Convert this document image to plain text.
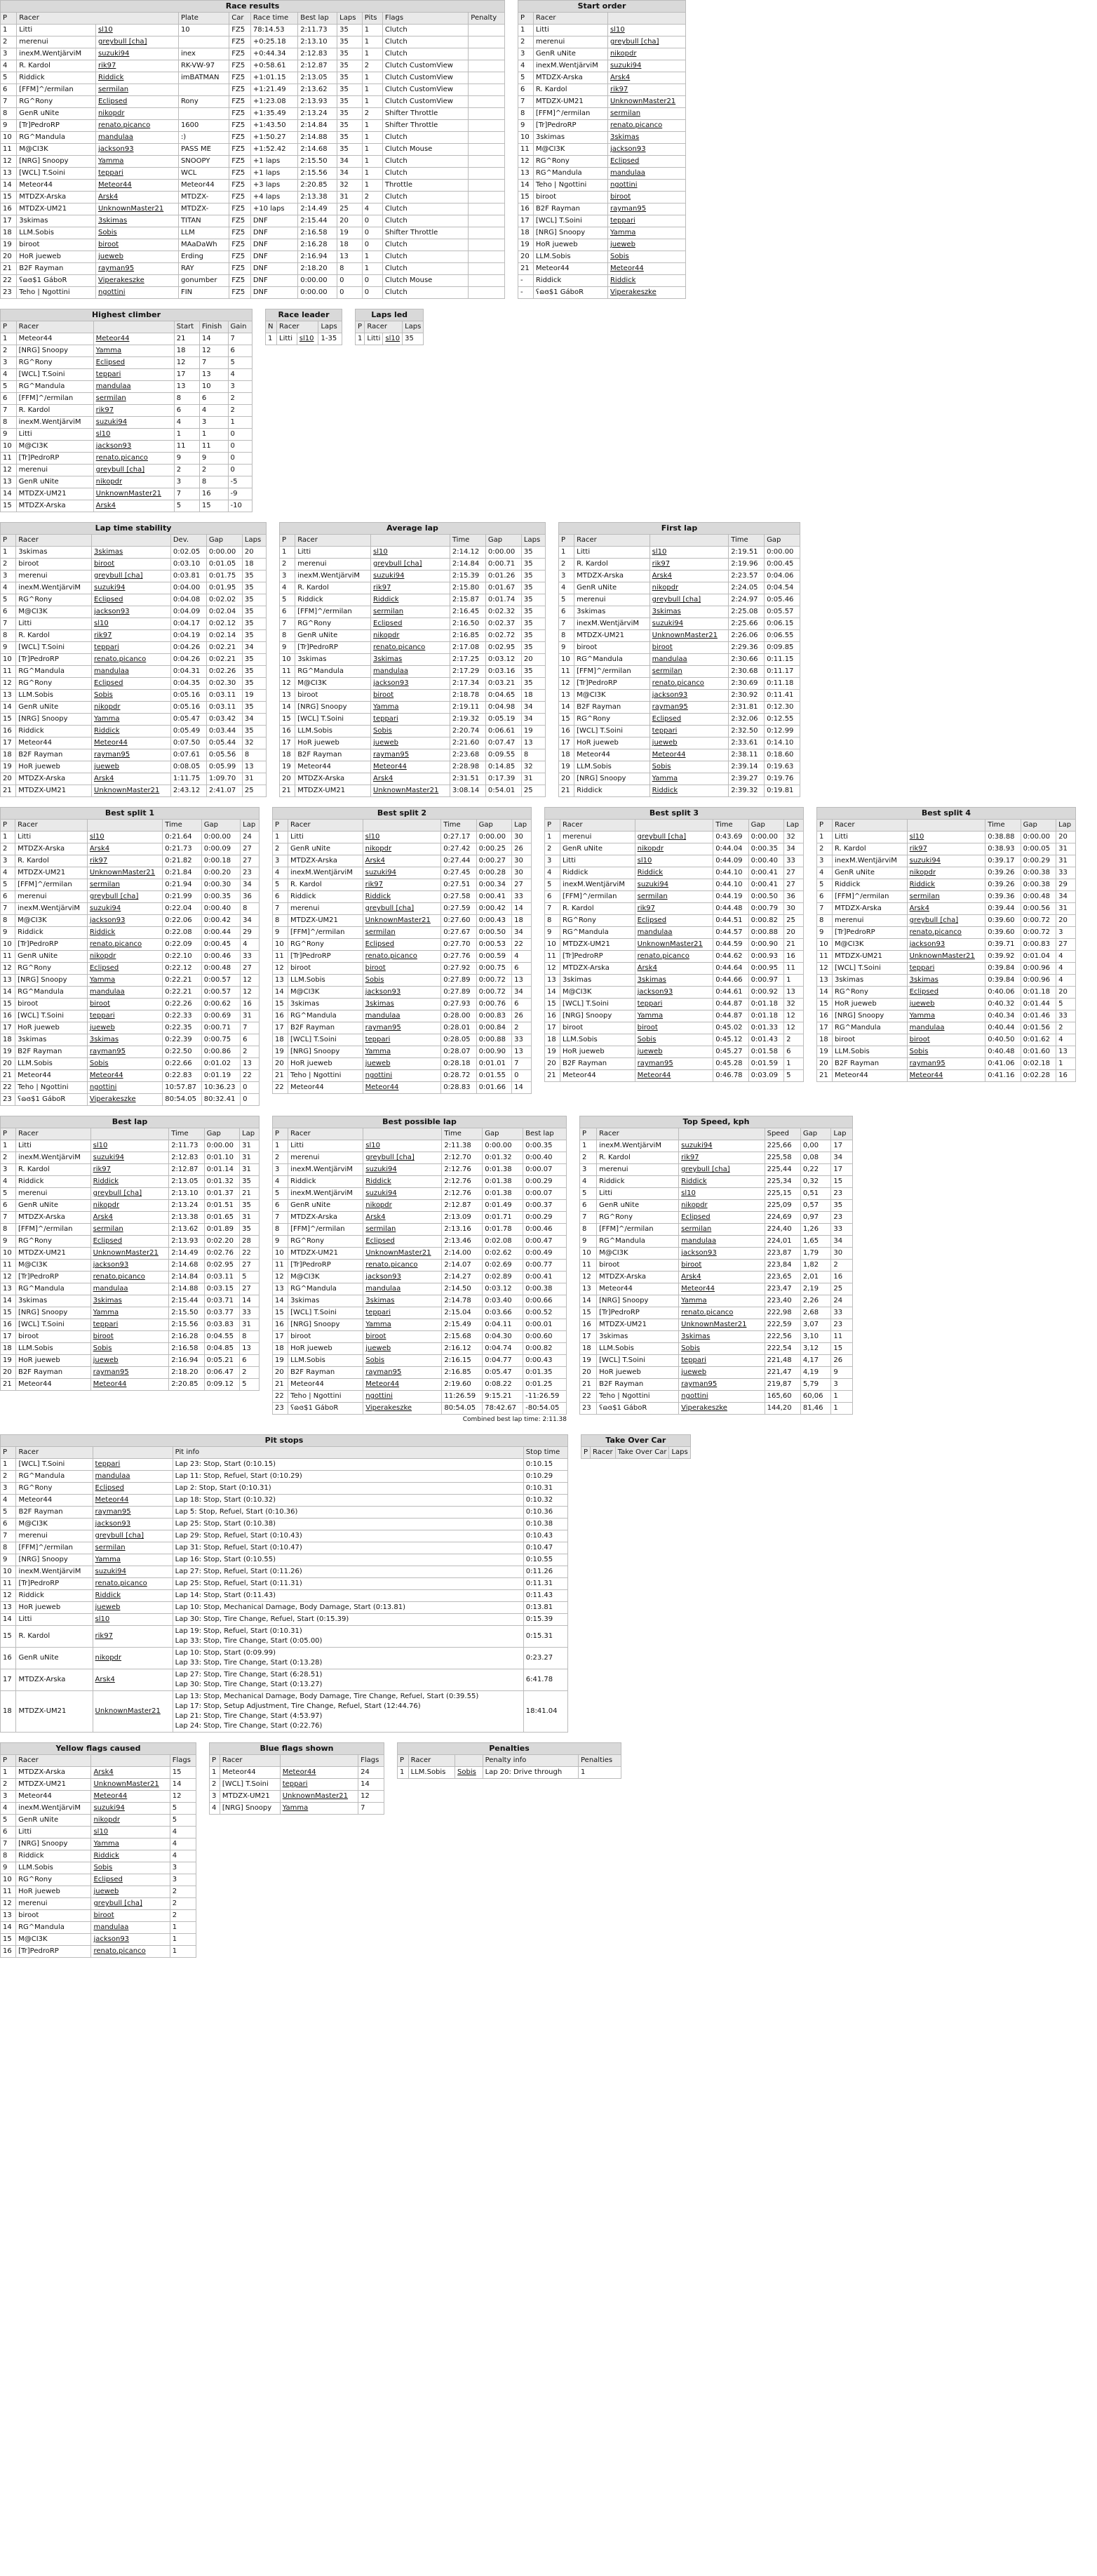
Race results										
P	Racer		Plate	Car	Race time	Best lap	Laps	Pits	Flags	Penalty
1	Litti	sl10	10	FZ5	78:14.53	2:11.73	35	1	Clutch	
2	merenui	greybull [cha]		FZ5	+0:25.18	2:13.10	35	1	Clutch	
3	inexM.WentjärviM	suzuki94	inex	FZ5	+0:44.34	2:12.83	35	1	Clutch	
4	R. Kardol	rik97	RK-VW-97	FZ5	+0:58.61	2:12.87	35	2	Clutch CustomView	
5	Riddick	Riddick	imBATMAN	FZ5	+1:01.15	2:13.05	35	1	Clutch CustomView	
6	[FFM]^/ermilan	sermilan		FZ5	+1:21.49	2:13.62	35	1	Clutch CustomView	
7	RG^Rony	Eclipsed	Rony	FZ5	+1:23.08	2:13.93	35	1	Clutch CustomView	
8	GenR uNite	nikopdr		FZ5	+1:35.49	2:13.24	35	2	Shifter Throttle	
9	[Tr]PedroRP	renato.picanco	1600	FZ5	+1:43.50	2:14.84	35	1	Shifter Throttle	
10	RG^Mandula	mandulaa	:)	FZ5	+1:50.27	2:14.88	35	1	Clutch	
11	M@CI3K	jackson93	PASS ME	FZ5	+1:52.42	2:14.68	35	1	Clutch Mouse	
12	[NRG] Snoopy	Yamma	SNOOPY	FZ5	+1 laps	2:15.50	34	1	Clutch	
13	[WCL] T.Soini	teppari	WCL	FZ5	+1 laps	2:15.56	34	1	Clutch	
14	Meteor44	Meteor44	Meteor44	FZ5	+3 laps	2:20.85	32	1	Throttle	
15	MTDZX-Arska	Arsk4	MTDZX-	FZ5	+4 laps	2:13.38	31	2	Clutch	
16	MTDZX-UM21	UnknownMaster21	MTDZX-	FZ5	+10 laps	2:14.49	25	4	Clutch	
17	3skimas	3skimas	TITAN	FZ5	DNF	2:15.44	20	0	Clutch	
18	LLM.Sobis	Sobis	LLM	FZ5	DNF	2:16.58	19	0	Shifter Throttle	
19	biroot	biroot	MAaDaWh	FZ5	DNF	2:16.28	18	0	Clutch	
20	HoR jueweb	jueweb	Erding	FZ5	DNF	2:16.94	13	1	Clutch	
21	B2F Rayman	rayman95	RAY	FZ5	DNF	2:18.20	8	1	Clutch	
22	ʕɷɞ$1 GáboR	Viperakeszke	gonumber	FZ5	DNF	0:00.00	0	0	Clutch Mouse	
23	Teho | Ngottini	ngottini	FIN	FZ5	DNF	0:00.00	0	0	Clutch	
Start order		
P	Racer	
1	Litti	sl10
2	merenui	greybull [cha]
3	GenR uNite	nikopdr
4	inexM.WentjärviM	suzuki94
5	MTDZX-Arska	Arsk4
6	R. Kardol	rik97
7	MTDZX-UM21	UnknownMaster21
8	[FFM]^/ermilan	sermilan
9	[Tr]PedroRP	renato.picanco
10	3skimas	3skimas
11	M@CI3K	jackson93
12	RG^Rony	Eclipsed
13	RG^Mandula	mandulaa
14	Teho | Ngottini	ngottini
15	biroot	biroot
16	B2F Rayman	rayman95
17	[WCL] T.Soini	teppari
18	[NRG] Snoopy	Yamma
19	HoR jueweb	jueweb
20	LLM.Sobis	Sobis
21	Meteor44	Meteor44
-	Riddick	Riddick
-	ʕɷɞ$1 GáboR	Viperakeszke
Highest climber					
P	Racer		Start	Finish	Gain
1	Meteor44	Meteor44	21	14	7
2	[NRG] Snoopy	Yamma	18	12	6
3	RG^Rony	Eclipsed	12	7	5
4	[WCL] T.Soini	teppari	17	13	4
5	RG^Mandula	mandulaa	13	10	3
6	[FFM]^/ermilan	sermilan	8	6	2
7	R. Kardol	rik97	6	4	2
8	inexM.WentjärviM	suzuki94	4	3	1
9	Litti	sl10	1	1	0
10	M@CI3K	jackson93	11	11	0
11	[Tr]PedroRP	renato.picanco	9	9	0
12	merenui	greybull [cha]	2	2	0
13	GenR uNite	nikopdr	3	8	-5
14	MTDZX-UM21	UnknownMaster21	7	16	-9
15	MTDZX-Arska	Arsk4	5	15	-10
Race leader			
N	Racer		Laps
1	Litti	sl10	1-35
Laps led			
P	Racer		Laps
1	Litti	sl10	35
Lap time stability					
P	Racer		Dev.	Gap	Laps
1	3skimas	3skimas	0:02.05	0:00.00	20
2	biroot	biroot	0:03.10	0:01.05	18
3	merenui	greybull [cha]	0:03.81	0:01.75	35
4	inexM.WentjärviM	suzuki94	0:04.00	0:01.95	35
5	RG^Rony	Eclipsed	0:04.08	0:02.02	35
6	M@CI3K	jackson93	0:04.09	0:02.04	35
7	Litti	sl10	0:04.17	0:02.12	35
8	R. Kardol	rik97	0:04.19	0:02.14	35
9	[WCL] T.Soini	teppari	0:04.26	0:02.21	34
10	[Tr]PedroRP	renato.picanco	0:04.26	0:02.21	35
11	RG^Mandula	mandulaa	0:04.31	0:02.26	35
12	RG^Rony	Eclipsed	0:04.35	0:02.30	35
13	LLM.Sobis	Sobis	0:05.16	0:03.11	19
14	GenR uNite	nikopdr	0:05.16	0:03.11	35
15	[NRG] Snoopy	Yamma	0:05.47	0:03.42	34
16	Riddick	Riddick	0:05.49	0:03.44	35
17	Meteor44	Meteor44	0:07.50	0:05.44	32
18	B2F Rayman	rayman95	0:07.61	0:05.56	8
19	HoR jueweb	jueweb	0:08.05	0:05.99	13
20	MTDZX-Arska	Arsk4	1:11.75	1:09.70	31
21	MTDZX-UM21	UnknownMaster21	2:43.12	2:41.07	25
Average lap					
P	Racer		Time	Gap	Laps
1	Litti	sl10	2:14.12	0:00.00	35
2	merenui	greybull [cha]	2:14.84	0:00.71	35
3	inexM.WentjärviM	suzuki94	2:15.39	0:01.26	35
4	R. Kardol	rik97	2:15.80	0:01.67	35
5	Riddick	Riddick	2:15.87	0:01.74	35
6	[FFM]^/ermilan	sermilan	2:16.45	0:02.32	35
7	RG^Rony	Eclipsed	2:16.50	0:02.37	35
8	GenR uNite	nikopdr	2:16.85	0:02.72	35
9	[Tr]PedroRP	renato.picanco	2:17.08	0:02.95	35
10	3skimas	3skimas	2:17.25	0:03.12	20
11	RG^Mandula	mandulaa	2:17.29	0:03.16	35
12	M@CI3K	jackson93	2:17.34	0:03.21	35
13	biroot	biroot	2:18.78	0:04.65	18
14	[NRG] Snoopy	Yamma	2:19.11	0:04.98	34
15	[WCL] T.Soini	teppari	2:19.32	0:05.19	34
16	LLM.Sobis	Sobis	2:20.74	0:06.61	19
17	HoR jueweb	jueweb	2:21.60	0:07.47	13
18	B2F Rayman	rayman95	2:23.68	0:09.55	8
19	Meteor44	Meteor44	2:28.98	0:14.85	32
20	MTDZX-Arska	Arsk4	2:31.51	0:17.39	31
21	MTDZX-UM21	UnknownMaster21	3:08.14	0:54.01	25
First lap				
P	Racer		Time	Gap
1	Litti	sl10	2:19.51	0:00.00
2	R. Kardol	rik97	2:19.96	0:00.45
3	MTDZX-Arska	Arsk4	2:23.57	0:04.06
4	GenR uNite	nikopdr	2:24.05	0:04.54
5	merenui	greybull [cha]	2:24.97	0:05.46
6	3skimas	3skimas	2:25.08	0:05.57
7	inexM.WentjärviM	suzuki94	2:25.66	0:06.15
8	MTDZX-UM21	UnknownMaster21	2:26.06	0:06.55
9	biroot	biroot	2:29.36	0:09.85
10	RG^Mandula	mandulaa	2:30.66	0:11.15
11	[FFM]^/ermilan	sermilan	2:30.68	0:11.17
12	[Tr]PedroRP	renato.picanco	2:30.69	0:11.18
13	M@CI3K	jackson93	2:30.92	0:11.41
14	B2F Rayman	rayman95	2:31.81	0:12.30
15	RG^Rony	Eclipsed	2:32.06	0:12.55
16	[WCL] T.Soini	teppari	2:32.50	0:12.99
17	HoR jueweb	jueweb	2:33.61	0:14.10
18	Meteor44	Meteor44	2:38.11	0:18.60
19	LLM.Sobis	Sobis	2:39.14	0:19.63
20	[NRG] Snoopy	Yamma	2:39.27	0:19.76
21	Riddick	Riddick	2:39.32	0:19.81
Best split 1					
P	Racer		Time	Gap	Lap
1	Litti	sl10	0:21.64	0:00.00	24
2	MTDZX-Arska	Arsk4	0:21.73	0:00.09	27
3	R. Kardol	rik97	0:21.82	0:00.18	27
4	MTDZX-UM21	UnknownMaster21	0:21.84	0:00.20	23
5	[FFM]^/ermilan	sermilan	0:21.94	0:00.30	34
6	merenui	greybull [cha]	0:21.99	0:00.35	36
7	inexM.WentjärviM	suzuki94	0:22.04	0:00.40	8
8	M@CI3K	jackson93	0:22.06	0:00.42	34
9	Riddick	Riddick	0:22.08	0:00.44	29
10	[Tr]PedroRP	renato.picanco	0:22.09	0:00.45	4
11	GenR uNite	nikopdr	0:22.10	0:00.46	33
12	RG^Rony	Eclipsed	0:22.12	0:00.48	27
13	[NRG] Snoopy	Yamma	0:22.21	0:00.57	12
14	RG^Mandula	mandulaa	0:22.21	0:00.57	12
15	biroot	biroot	0:22.26	0:00.62	16
16	[WCL] T.Soini	teppari	0:22.33	0:00.69	31
17	HoR jueweb	jueweb	0:22.35	0:00.71	7
18	3skimas	3skimas	0:22.39	0:00.75	6
19	B2F Rayman	rayman95	0:22.50	0:00.86	2
20	LLM.Sobis	Sobis	0:22.66	0:01.02	13
21	Meteor44	Meteor44	0:22.83	0:01.19	22
22	Teho | Ngottini	ngottini	10:57.87	10:36.23	0
23	ʕɷɞ$1 GáboR	Viperakeszke	80:54.05	80:32.41	0
Best split 2					
P	Racer		Time	Gap	Lap
1	Litti	sl10	0:27.17	0:00.00	30
2	GenR uNite	nikopdr	0:27.42	0:00.25	26
3	MTDZX-Arska	Arsk4	0:27.44	0:00.27	30
4	inexM.WentjärviM	suzuki94	0:27.45	0:00.28	30
5	R. Kardol	rik97	0:27.51	0:00.34	27
6	Riddick	Riddick	0:27.58	0:00.41	33
7	merenui	greybull [cha]	0:27.59	0:00.42	14
8	MTDZX-UM21	UnknownMaster21	0:27.60	0:00.43	18
9	[FFM]^/ermilan	sermilan	0:27.67	0:00.50	34
10	RG^Rony	Eclipsed	0:27.70	0:00.53	22
11	[Tr]PedroRP	renato.picanco	0:27.76	0:00.59	4
12	biroot	biroot	0:27.92	0:00.75	6
13	LLM.Sobis	Sobis	0:27.89	0:00.72	13
14	M@CI3K	jackson93	0:27.89	0:00.72	34
15	3skimas	3skimas	0:27.93	0:00.76	6
16	RG^Mandula	mandulaa	0:28.00	0:00.83	26
17	B2F Rayman	rayman95	0:28.01	0:00.84	2
18	[WCL] T.Soini	teppari	0:28.05	0:00.88	33
19	[NRG] Snoopy	Yamma	0:28.07	0:00.90	13
20	HoR jueweb	jueweb	0:28.18	0:01.01	7
21	Teho | Ngottini	ngottini	0:28.72	0:01.55	0
22	Meteor44	Meteor44	0:28.83	0:01.66	14
Best split 3					
P	Racer		Time	Gap	Lap
1	merenui	greybull [cha]	0:43.69	0:00.00	32
2	GenR uNite	nikopdr	0:44.04	0:00.35	34
3	Litti	sl10	0:44.09	0:00.40	33
4	Riddick	Riddick	0:44.10	0:00.41	27
5	inexM.WentjärviM	suzuki94	0:44.10	0:00.41	27
6	[FFM]^/ermilan	sermilan	0:44.19	0:00.50	36
7	R. Kardol	rik97	0:44.48	0:00.79	30
8	RG^Rony	Eclipsed	0:44.51	0:00.82	25
9	RG^Mandula	mandulaa	0:44.57	0:00.88	20
10	MTDZX-UM21	UnknownMaster21	0:44.59	0:00.90	21
11	[Tr]PedroRP	renato.picanco	0:44.62	0:00.93	16
12	MTDZX-Arska	Arsk4	0:44.64	0:00.95	11
13	3skimas	3skimas	0:44.66	0:00.97	1
14	M@CI3K	jackson93	0:44.61	0:00.92	13
15	[WCL] T.Soini	teppari	0:44.87	0:01.18	32
16	[NRG] Snoopy	Yamma	0:44.87	0:01.18	12
17	biroot	biroot	0:45.02	0:01.33	12
18	LLM.Sobis	Sobis	0:45.12	0:01.43	2
19	HoR jueweb	jueweb	0:45.27	0:01.58	6
20	B2F Rayman	rayman95	0:45.28	0:01.59	1
21	Meteor44	Meteor44	0:46.78	0:03.09	5
Best split 4					
P	Racer		Time	Gap	Lap
1	Litti	sl10	0:38.88	0:00.00	20
2	R. Kardol	rik97	0:38.93	0:00.05	31
3	inexM.WentjärviM	suzuki94	0:39.17	0:00.29	31
4	GenR uNite	nikopdr	0:39.26	0:00.38	33
5	Riddick	Riddick	0:39.26	0:00.38	29
6	[FFM]^/ermilan	sermilan	0:39.36	0:00.48	34
7	MTDZX-Arska	Arsk4	0:39.44	0:00.56	31
8	merenui	greybull [cha]	0:39.60	0:00.72	20
9	[Tr]PedroRP	renato.picanco	0:39.60	0:00.72	3
10	M@CI3K	jackson93	0:39.71	0:00.83	27
11	MTDZX-UM21	UnknownMaster21	0:39.92	0:01.04	4
12	[WCL] T.Soini	teppari	0:39.84	0:00.96	4
13	3skimas	3skimas	0:39.84	0:00.96	4
14	RG^Rony	Eclipsed	0:40.06	0:01.18	20
15	HoR jueweb	jueweb	0:40.32	0:01.44	5
16	[NRG] Snoopy	Yamma	0:40.34	0:01.46	33
17	RG^Mandula	mandulaa	0:40.44	0:01.56	2
18	biroot	biroot	0:40.50	0:01.62	4
19	LLM.Sobis	Sobis	0:40.48	0:01.60	13
20	B2F Rayman	rayman95	0:41.06	0:02.18	1
21	Meteor44	Meteor44	0:41.16	0:02.28	16
Best lap					
P	Racer		Time	Gap	Lap
1	Litti	sl10	2:11.73	0:00.00	31
2	inexM.WentjärviM	suzuki94	2:12.83	0:01.10	31
3	R. Kardol	rik97	2:12.87	0:01.14	31
4	Riddick	Riddick	2:13.05	0:01.32	35
5	merenui	greybull [cha]	2:13.10	0:01.37	21
6	GenR uNite	nikopdr	2:13.24	0:01.51	35
7	MTDZX-Arska	Arsk4	2:13.38	0:01.65	31
8	[FFM]^/ermilan	sermilan	2:13.62	0:01.89	35
9	RG^Rony	Eclipsed	2:13.93	0:02.20	28
10	MTDZX-UM21	UnknownMaster21	2:14.49	0:02.76	22
11	M@CI3K	jackson93	2:14.68	0:02.95	27
12	[Tr]PedroRP	renato.picanco	2:14.84	0:03.11	5
13	RG^Mandula	mandulaa	2:14.88	0:03.15	27
14	3skimas	3skimas	2:15.44	0:03.71	14
15	[NRG] Snoopy	Yamma	2:15.50	0:03.77	33
16	[WCL] T.Soini	teppari	2:15.56	0:03.83	31
17	biroot	biroot	2:16.28	0:04.55	8
18	LLM.Sobis	Sobis	2:16.58	0:04.85	13
19	HoR jueweb	jueweb	2:16.94	0:05.21	6
20	B2F Rayman	rayman95	2:18.20	0:06.47	2
21	Meteor44	Meteor44	2:20.85	0:09.12	5
Best possible lap					
P	Racer		Time	Gap	Best lap
1	Litti	sl10	2:11.38	0:00.00	0:00.35
2	merenui	greybull [cha]	2:12.70	0:01.32	0:00.40
3	inexM.WentjärviM	suzuki94	2:12.76	0:01.38	0:00.07
4	Riddick	Riddick	2:12.76	0:01.38	0:00.29
5	inexM.WentjärviM	suzuki94	2:12.76	0:01.38	0:00.07
6	GenR uNite	nikopdr	2:12.87	0:01.49	0:00.37
7	MTDZX-Arska	Arsk4	2:13.09	0:01.71	0:00.29
8	[FFM]^/ermilan	sermilan	2:13.16	0:01.78	0:00.46
9	RG^Rony	Eclipsed	2:13.46	0:02.08	0:00.47
10	MTDZX-UM21	UnknownMaster21	2:14.00	0:02.62	0:00.49
11	[Tr]PedroRP	renato.picanco	2:14.07	0:02.69	0:00.77
12	M@CI3K	jackson93	2:14.27	0:02.89	0:00.41
13	RG^Mandula	mandulaa	2:14.50	0:03.12	0:00.38
14	3skimas	3skimas	2:14.78	0:03.40	0:00.66
15	[WCL] T.Soini	teppari	2:15.04	0:03.66	0:00.52
16	[NRG] Snoopy	Yamma	2:15.49	0:04.11	0:00.01
17	biroot	biroot	2:15.68	0:04.30	0:00.60
18	HoR jueweb	jueweb	2:16.12	0:04.74	0:00.82
19	LLM.Sobis	Sobis	2:16.15	0:04.77	0:00.43
20	B2F Rayman	rayman95	2:16.85	0:05.47	0:01.35
21	Meteor44	Meteor44	2:19.60	0:08.22	0:01.25
22	Teho | Ngottini	ngottini	11:26.59	9:15.21	-11:26.59
23	ʕɷɞ$1 GáboR	Viperakeszke	80:54.05	78:42.67	-80:54.05
Combined best lap time: 2:11.38
Top Speed, kph					
P	Racer		Speed	Gap	Lap
1	inexM.WentjärviM	suzuki94	225,66	0,00	17
2	R. Kardol	rik97	225,58	0,08	34
3	merenui	greybull [cha]	225,44	0,22	17
4	Riddick	Riddick	225,34	0,32	15
5	Litti	sl10	225,15	0,51	23
6	GenR uNite	nikopdr	225,09	0,57	35
7	RG^Rony	Eclipsed	224,69	0,97	23
8	[FFM]^/ermilan	sermilan	224,40	1,26	33
9	RG^Mandula	mandulaa	224,01	1,65	34
10	M@CI3K	jackson93	223,87	1,79	30
11	biroot	biroot	223,84	1,82	2
12	MTDZX-Arska	Arsk4	223,65	2,01	16
13	Meteor44	Meteor44	223,47	2,19	25
14	[NRG] Snoopy	Yamma	223,40	2,26	24
15	[Tr]PedroRP	renato.picanco	222,98	2,68	33
16	MTDZX-UM21	UnknownMaster21	222,59	3,07	23
17	3skimas	3skimas	222,56	3,10	11
18	LLM.Sobis	Sobis	222,54	3,12	15
19	[WCL] T.Soini	teppari	221,48	4,17	26
20	HoR jueweb	jueweb	221,47	4,19	9
21	B2F Rayman	rayman95	219,87	5,79	3
22	Teho | Ngottini	ngottini	165,60	60,06	1
23	ʕɷɞ$1 GáboR	Viperakeszke	144,20	81,46	1
Pit stops				
P	Racer		Pit info	Stop time
1	[WCL] T.Soini	teppari	Lap 23: Stop, Start (0:10.15)	0:10.15
2	RG^Mandula	mandulaa	Lap 11: Stop, Refuel, Start (0:10.29)	0:10.29
3	RG^Rony	Eclipsed	Lap 2: Stop, Start (0:10.31)	0:10.31
4	Meteor44	Meteor44	Lap 18: Stop, Start (0:10.32)	0:10.32
5	B2F Rayman	rayman95	Lap 5: Stop, Refuel, Start (0:10.36)	0:10.36
6	M@CI3K	jackson93	Lap 25: Stop, Start (0:10.38)	0:10.38
7	merenui	greybull [cha]	Lap 29: Stop, Refuel, Start (0:10.43)	0:10.43
8	[FFM]^/ermilan	sermilan	Lap 31: Stop, Refuel, Start (0:10.47)	0:10.47
9	[NRG] Snoopy	Yamma	Lap 16: Stop, Start (0:10.55)	0:10.55
10	inexM.WentjärviM	suzuki94	Lap 27: Stop, Refuel, Start (0:11.26)	0:11.26
11	[Tr]PedroRP	renato.picanco	Lap 25: Stop, Refuel, Start (0:11.31)	0:11.31
12	Riddick	Riddick	Lap 14: Stop, Start (0:11.43)	0:11.43
13	HoR jueweb	jueweb	Lap 10: Stop, Mechanical Damage, Body Damage, Start (0:13.81)	0:13.81
14	Litti	sl10	Lap 30: Stop, Tire Change, Refuel, Start (0:15.39)	0:15.39
15	R. Kardol	rik97	Lap 19: Stop, Refuel, Start (0:10.31)
Lap 33: Stop, Tire Change, Start (0:05.00)	0:15.31
16	GenR uNite	nikopdr	Lap 10: Stop, Start (0:09.99)
Lap 33: Stop, Tire Change, Start (0:13.28)	0:23.27
17	MTDZX-Arska	Arsk4	Lap 27: Stop, Tire Change, Start (6:28.51)
Lap 30: Stop, Tire Change, Start (0:13.27)	6:41.78
18	MTDZX-UM21	UnknownMaster21	Lap 13: Stop, Mechanical Damage, Body Damage, Tire Change, Refuel, Start (0:39.55)
Lap 17: Stop, Setup Adjustment, Tire Change, Refuel, Start (12:44.76)
Lap 21: Stop, Tire Change, Start (4:53.97)
Lap 24: Stop, Tire Change, Start (0:22.76)	18:41.04
Take Over Car
P	Racer	Take Over Car	Laps
Yellow flags caused			
P	Racer		Flags
1	MTDZX-Arska	Arsk4	15
2	MTDZX-UM21	UnknownMaster21	14
3	Meteor44	Meteor44	12
4	inexM.WentjärviM	suzuki94	5
5	GenR uNite	nikopdr	5
6	Litti	sl10	4
7	[NRG] Snoopy	Yamma	4
8	Riddick	Riddick	4
9	LLM.Sobis	Sobis	3
10	RG^Rony	Eclipsed	3
11	HoR jueweb	jueweb	2
12	merenui	greybull [cha]	2
13	biroot	biroot	2
14	RG^Mandula	mandulaa	1
15	M@CI3K	jackson93	1
16	[Tr]PedroRP	renato.picanco	1
Blue flags shown			
P	Racer		Flags
1	Meteor44	Meteor44	24
2	[WCL] T.Soini	teppari	14
3	MTDZX-UM21	UnknownMaster21	12
4	[NRG] Snoopy	Yamma	7
Penalties				
P	Racer		Penalty info	Penalties
1	LLM.Sobis	Sobis	Lap 20: Drive through	1
